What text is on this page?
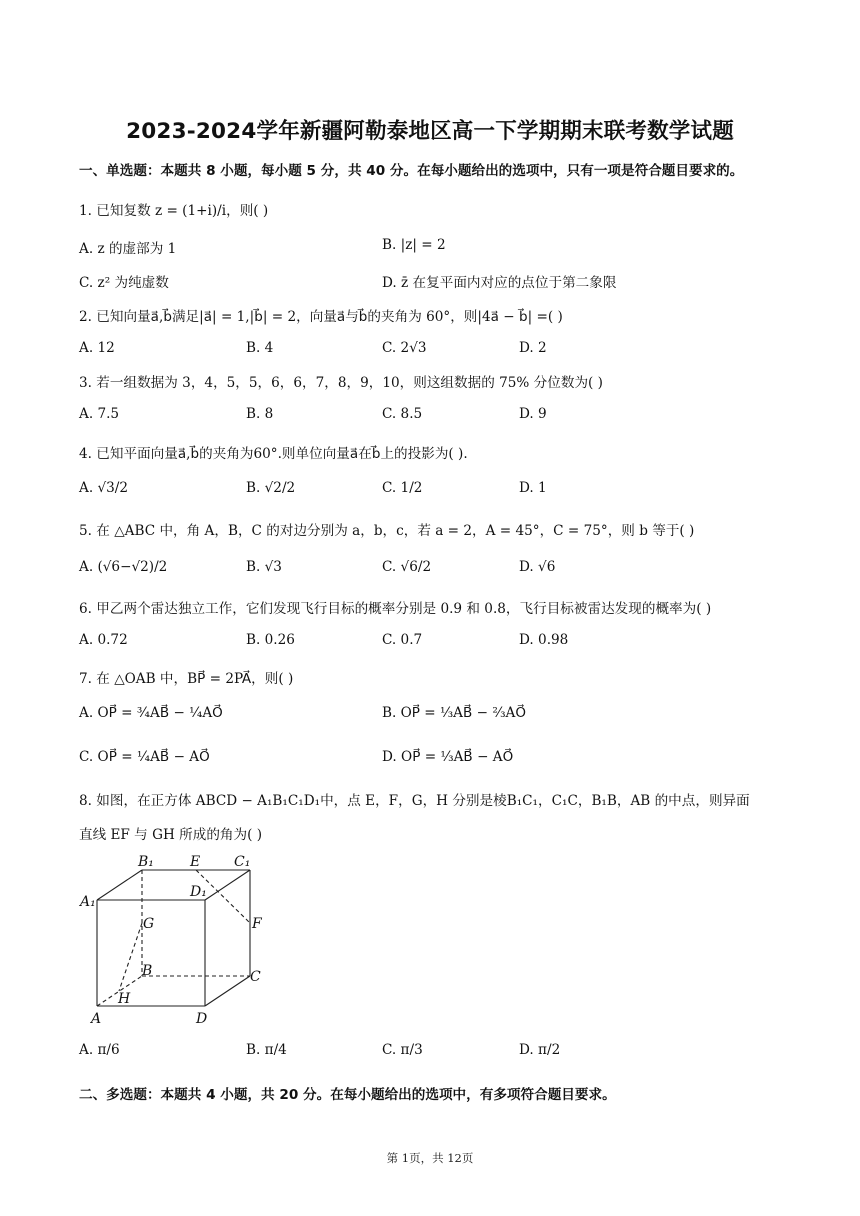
2023-2024学年新疆阿勒泰地区高一下学期期末联考数学试题
一、单选题：本题共 8 小题，每小题 5 分，共 40 分。在每小题给出的选项中，只有一项是符合题目要求的。
1. 已知复数 z = (1+i)/i，则( )
A. z 的虚部为 1	B. |z| = 2
C. z² 为纯虚数	D. z̄ 在复平面内对应的点位于第二象限
2. 已知向量a⃗,b⃗满足|a⃗| = 1,|b⃗| = 2，向量a⃗与b⃗的夹角为 60°，则|4a⃗ − b⃗| =( )
A. 12	B. 4	C. 2√3	D. 2
3. 若一组数据为 3，4，5，5，6，6，7，8，9，10，则这组数据的 75% 分位数为( )
A. 7.5	B. 8	C. 8.5	D. 9
4. 已知平面向量a⃗,b⃗的夹角为60°.则单位向量a⃗在b⃗上的投影为( ).
A. √3/2	B. √2/2	C. 1/2	D. 1
5. 在 △ABC 中，角 A，B，C 的对边分别为 a，b，c，若 a = 2，A = 45°，C = 75°，则 b 等于( )
A. (√6−√2)/2	B. √3	C. √6/2	D. √6
6. 甲乙两个雷达独立工作，它们发现飞行目标的概率分别是 0.9 和 0.8，飞行目标被雷达发现的概率为( )
A. 0.72	B. 0.26	C. 0.7	D. 0.98
7. 在 △OAB 中，BP⃗ = 2PA⃗，则( )
A. OP⃗ = ³⁄₄AB⃗ − ¹⁄₄AO⃗	B. OP⃗ = ¹⁄₃AB⃗ − ²⁄₃AO⃗
C. OP⃗ = ¹⁄₄AB⃗ − AO⃗	D. OP⃗ = ¹⁄₃AB⃗ − AO⃗
8. 如图，在正方体 ABCD − A₁B₁C₁D₁中，点 E，F，G，H 分别是棱B₁C₁，C₁C，B₁B，AB 的中点，则异面
直线 EF 与 GH 所成的角为( )
B₁	E C₁
A₁
D₁
G	F
B	C
H
A	D
A. π/6	B. π/4	C. π/3	D. π/2
二、多选题：本题共 4 小题，共 20 分。在每小题给出的选项中，有多项符合题目要求。
第 1页，共 12页
